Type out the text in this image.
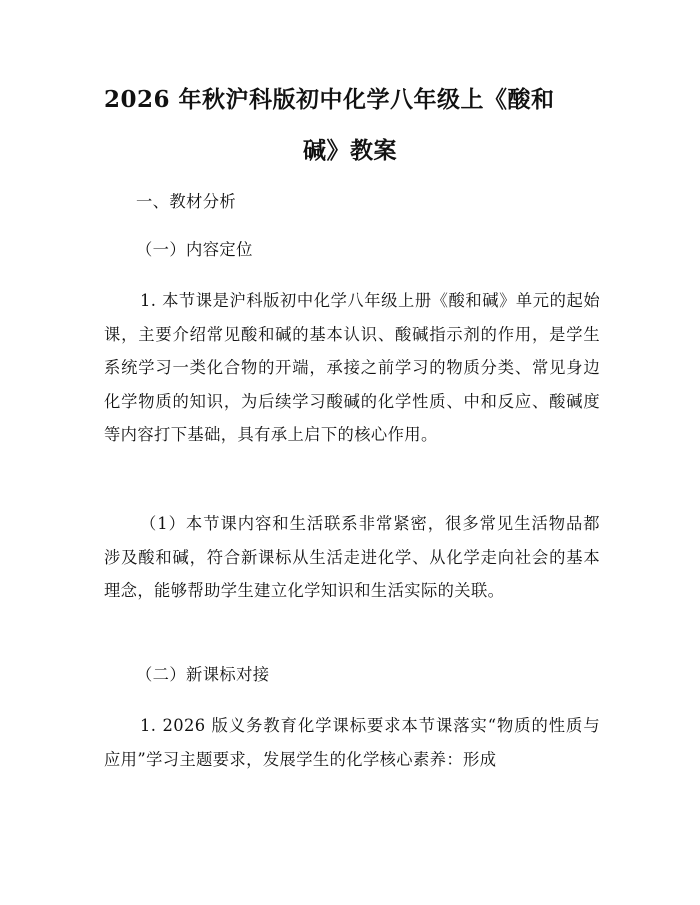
2026 年秋沪科版初中化学八年级上《酸和
碱》教案
一、教材分析
（一）内容定位
1. 本节课是沪科版初中化学八年级上册《酸和碱》单元的起始课，主要介绍常见酸和碱的基本认识、酸碱指示剂的作用，是学生系统学习一类化合物的开端，承接之前学习的物质分类、常见身边化学物质的知识，为后续学习酸碱的化学性质、中和反应、酸碱度等内容打下基础，具有承上启下的核心作用。
（1）本节课内容和生活联系非常紧密，很多常见生活物品都涉及酸和碱，符合新课标从生活走进化学、从化学走向社会的基本理念，能够帮助学生建立化学知识和生活实际的关联。
（二）新课标对接
1. 2026 版义务教育化学课标要求本节课落实“物质的性质与应用”学习主题要求，发展学生的化学核心素养：形成
